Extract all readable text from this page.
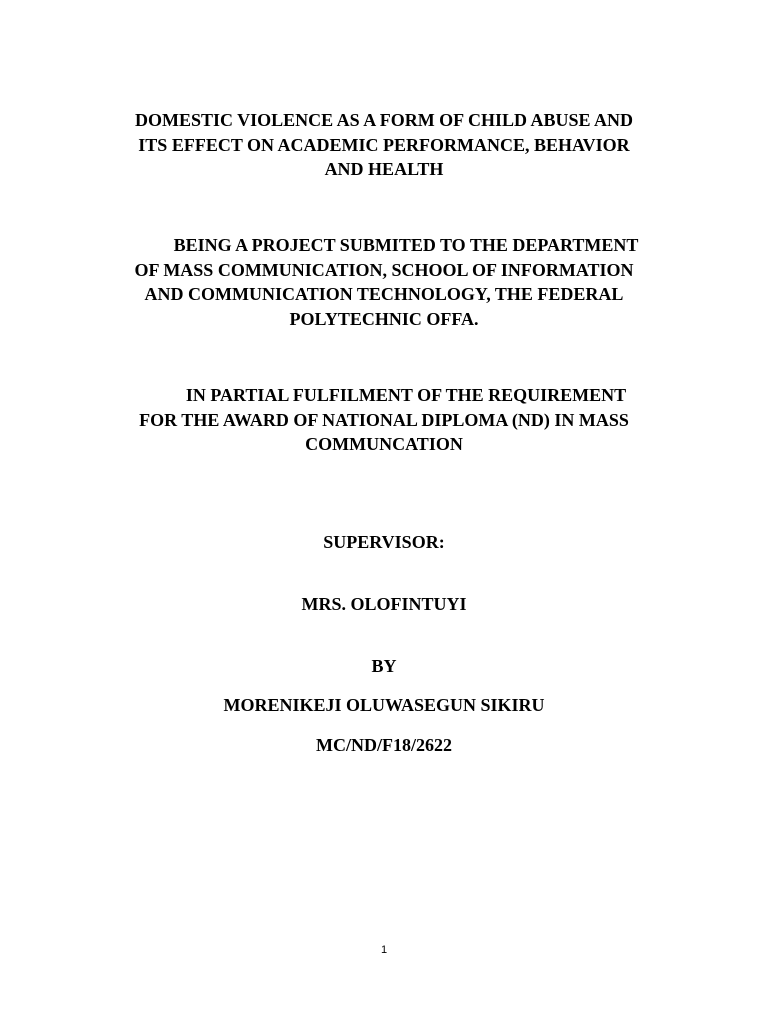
DOMESTIC VIOLENCE AS A FORM OF CHILD ABUSE AND
ITS EFFECT ON ACADEMIC PERFORMANCE, BEHAVIOR
AND HEALTH
BEING A PROJECT SUBMITED TO THE DEPARTMENT
OF MASS COMMUNICATION, SCHOOL OF INFORMATION
AND COMMUNICATION TECHNOLOGY, THE FEDERAL
POLYTECHNIC OFFA.
IN PARTIAL FULFILMENT OF THE REQUIREMENT
FOR THE AWARD OF NATIONAL DIPLOMA (ND) IN MASS
COMMUNCATION
SUPERVISOR:
MRS. OLOFINTUYI
BY
MORENIKEJI OLUWASEGUN SIKIRU
MC/ND/F18/2622
1
